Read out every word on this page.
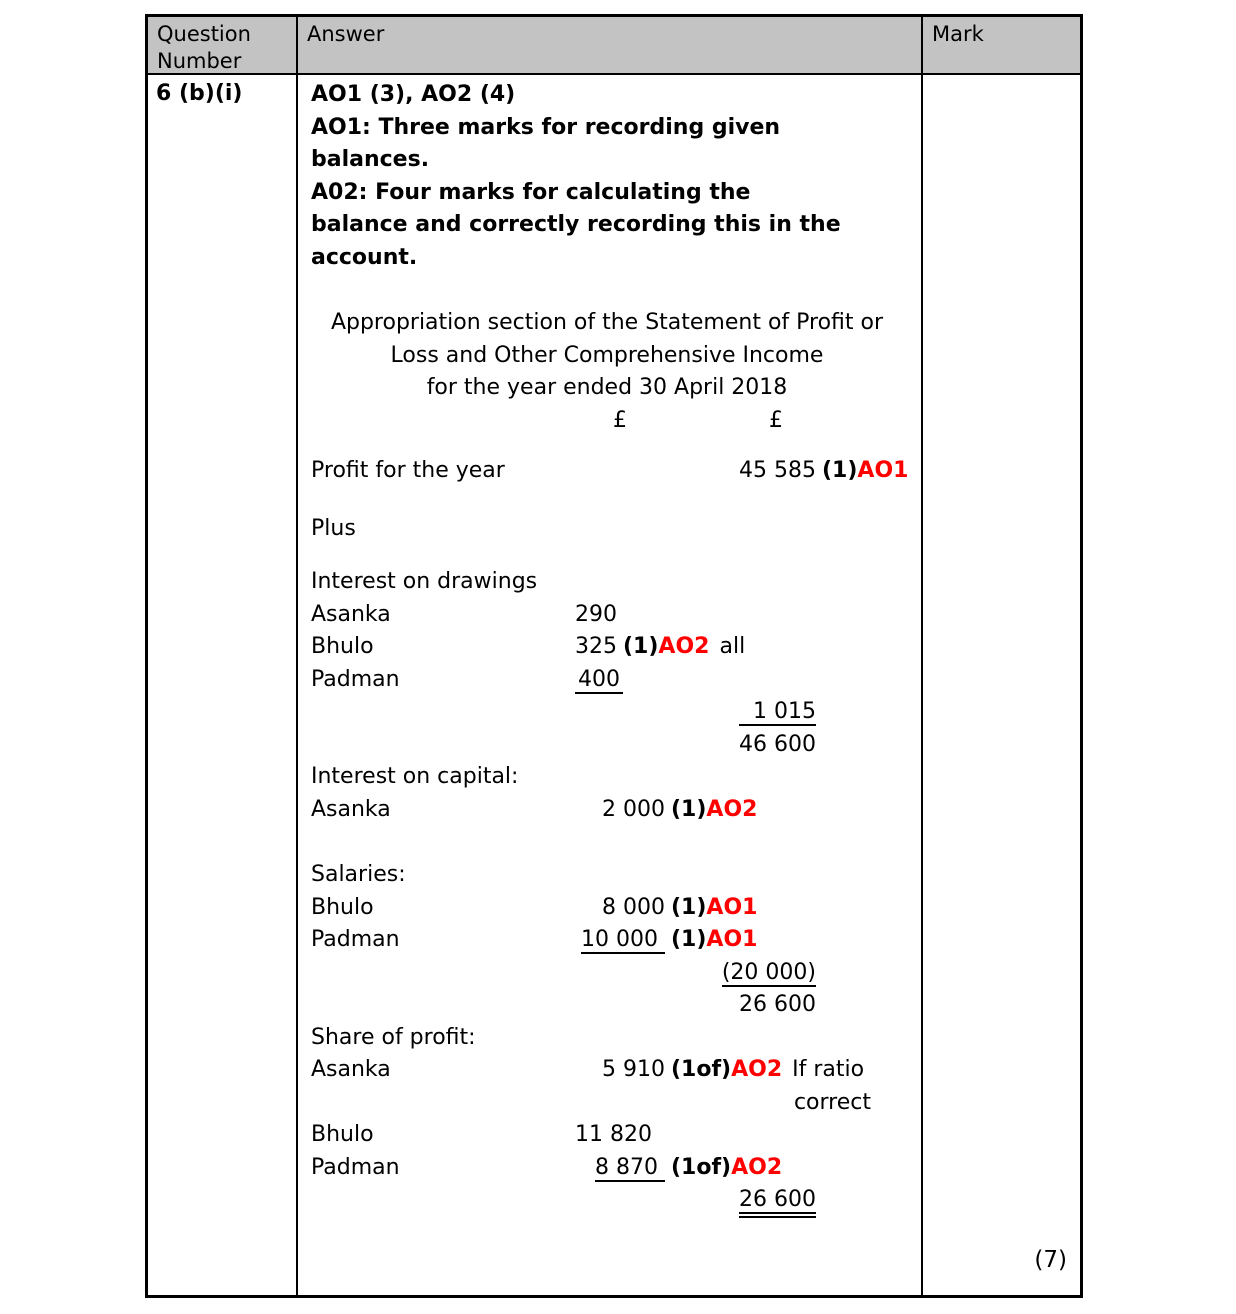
Question Number
Answer	Mark
6 (b)(i)	AO1 (3), AO2 (4)
AO1: Three marks for recording given
balances.
A02: Four marks for calculating the
balance and correctly recording this in the
account.
Appropriation section of the Statement of Profit or
Loss and Other Comprehensive Income
for the year ended 30 April 2018
£	£
Profit for the year	45 585 (1)AO1
Plus
Interest on drawings
Asanka	290
Bhulo	325 (1)AO2 all
Padman	400
1 015
46 600
Interest on capital:
Asanka	2 000 (1)AO2
Salaries:
Bhulo	8 000 (1)AO1
Padman	10 000 (1)AO1
(20 000)
26 600
Share of profit:
Asanka	5 910 (1of)AO2 If ratio
correct
Bhulo	11 820
Padman	8 870 (1of)AO2
26 600
(7)
